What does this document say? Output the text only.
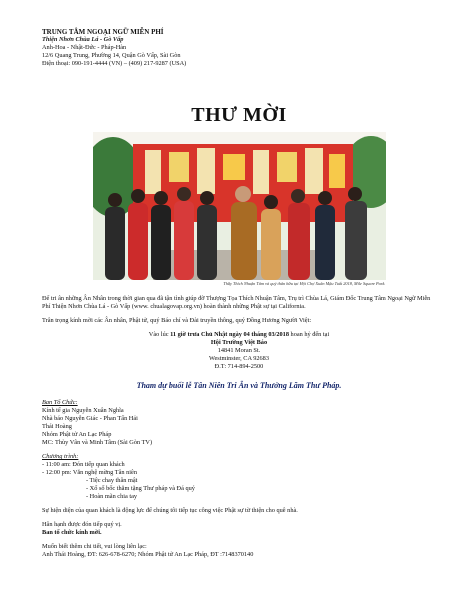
TRUNG TÂM NGOẠI NGỮ MIỄN PHÍ

Thiện Nhơn Chùa Lá - Gò Vấp

Anh-Hoa - Nhật-Đức - Pháp-Hàn

12/6 Quang Trung, Phường 14, Quận Gò Vấp, Sài Gòn

Điện thoại: 090-191-4444 (VN) – (409) 217-9287 (USA)

THƯ MỜI
Thầy Thích Nhuận Tâm và quý thân hữu tại Hội Chợ Xuân Mậu Tuất 2018, Mile Square Park.

Để tri ân những Ân Nhân trong thời gian qua đã tận tình giúp đỡ Thượng Tọa Thích Nhuận Tâm, Trụ trì Chùa Lá, Giám Đốc Trung Tâm Ngoại Ngữ Miễn Phí Thiện Nhơn Chùa Lá - Gò Vấp (www. chualagovap.org.vn) hoàn thành những Phật sự tại California.

Trân trọng kính mời các Ân nhân, Phật tử, quý Báo chí và Đài truyền thông, quý Đồng Hương Người Việt:

Vào lúc 11 giờ trưa Chủ Nhật ngày 04 tháng 03/2018 hoan hỷ đến tại

Hội Trường Việt Báo

14841 Moran St.

Westminster, CA 92683

Đ.T: 714-894-2500

Tham dự buổi lễ Tân Niên Tri Ân và Thưởng Lãm Thư Pháp.

Ban Tổ Chức:

Kính tế gia Nguyễn Xuân Nghĩa

Nhà báo Nguyễn Giác - Phan Tấn Hải

Thái Hoàng

Nhóm Phật tử An Lạc Pháp

MC: Thùy Vân và Minh Tâm (Sài Gòn TV)

Chương trình:

- 11:00 am: Đón tiếp quan khách

- 12:00 pm: Văn nghệ mừng Tân niên

- Tiệc chay thân mật

- Xổ số bốc thăm tặng Thư pháp và Đá quý

- Hoàn mãn chia tay

Sự hiện diện của quan khách là động lực để chúng tôi tiếp tục công việc Phật sự từ thiện cho quê nhà.

Hân hạnh được đón tiếp quý vị.

Ban tổ chức kính mời.

Muốn biết thêm chi tiết, vui lòng liên lạc:

Anh Thái Hoàng, ĐT: 626-678-6270; Nhóm Phật tử An Lạc Pháp, ĐT :7148370140
